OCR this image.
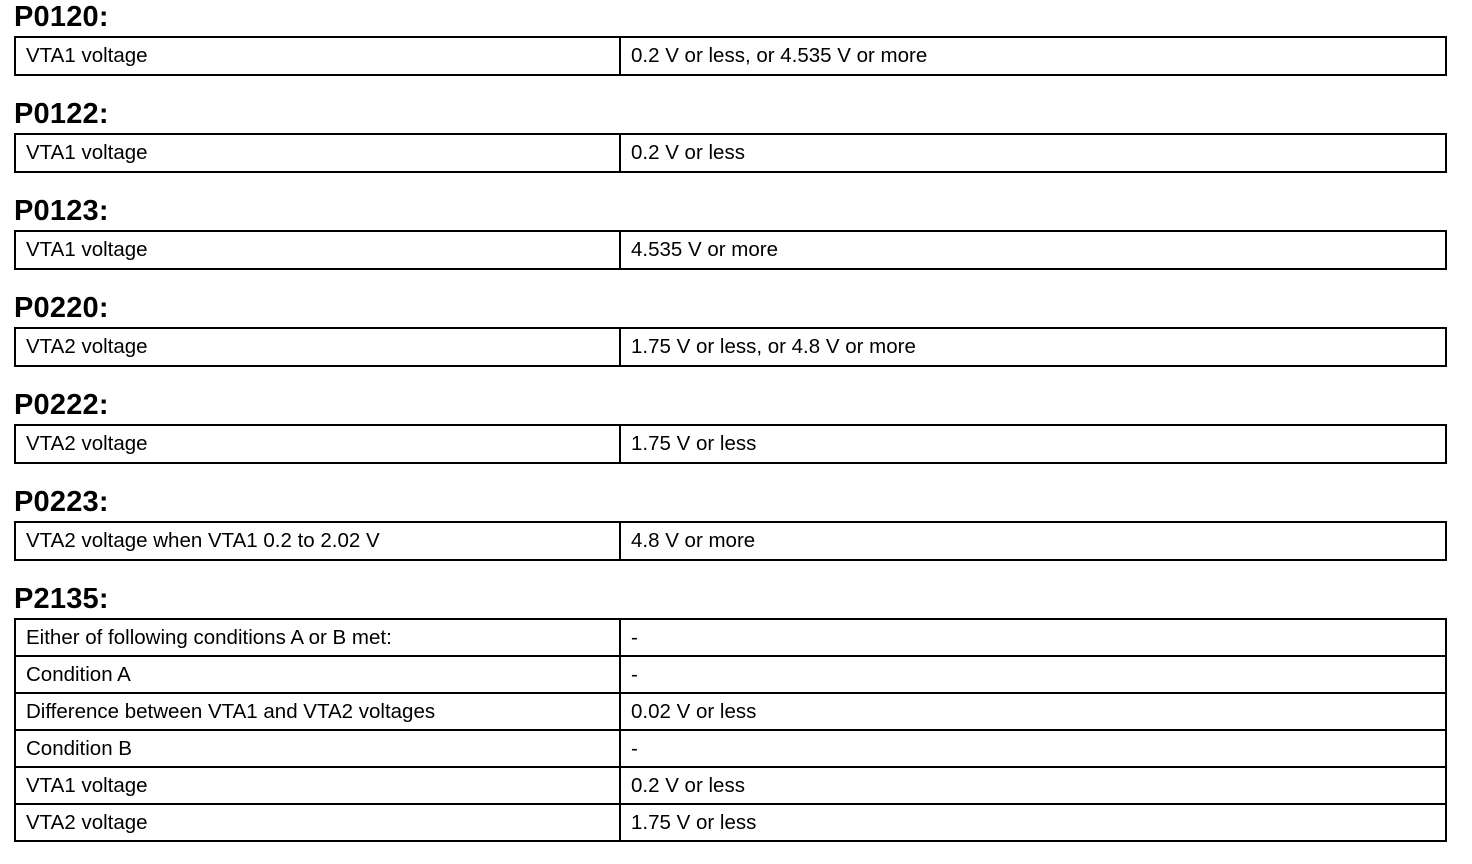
P0120:
VTA1 voltage	0.2 V or less, or 4.535 V or more
P0122:
VTA1 voltage	0.2 V or less
P0123:
VTA1 voltage	4.535 V or more
P0220:
VTA2 voltage	1.75 V or less, or 4.8 V or more
P0222:
VTA2 voltage	1.75 V or less
P0223:
VTA2 voltage when VTA1 0.2 to 2.02 V	4.8 V or more
P2135:
Either of following conditions A or B met:	-
Condition A	-
Difference between VTA1 and VTA2 voltages	0.02 V or less
Condition B	-
VTA1 voltage	0.2 V or less
VTA2 voltage	1.75 V or less
